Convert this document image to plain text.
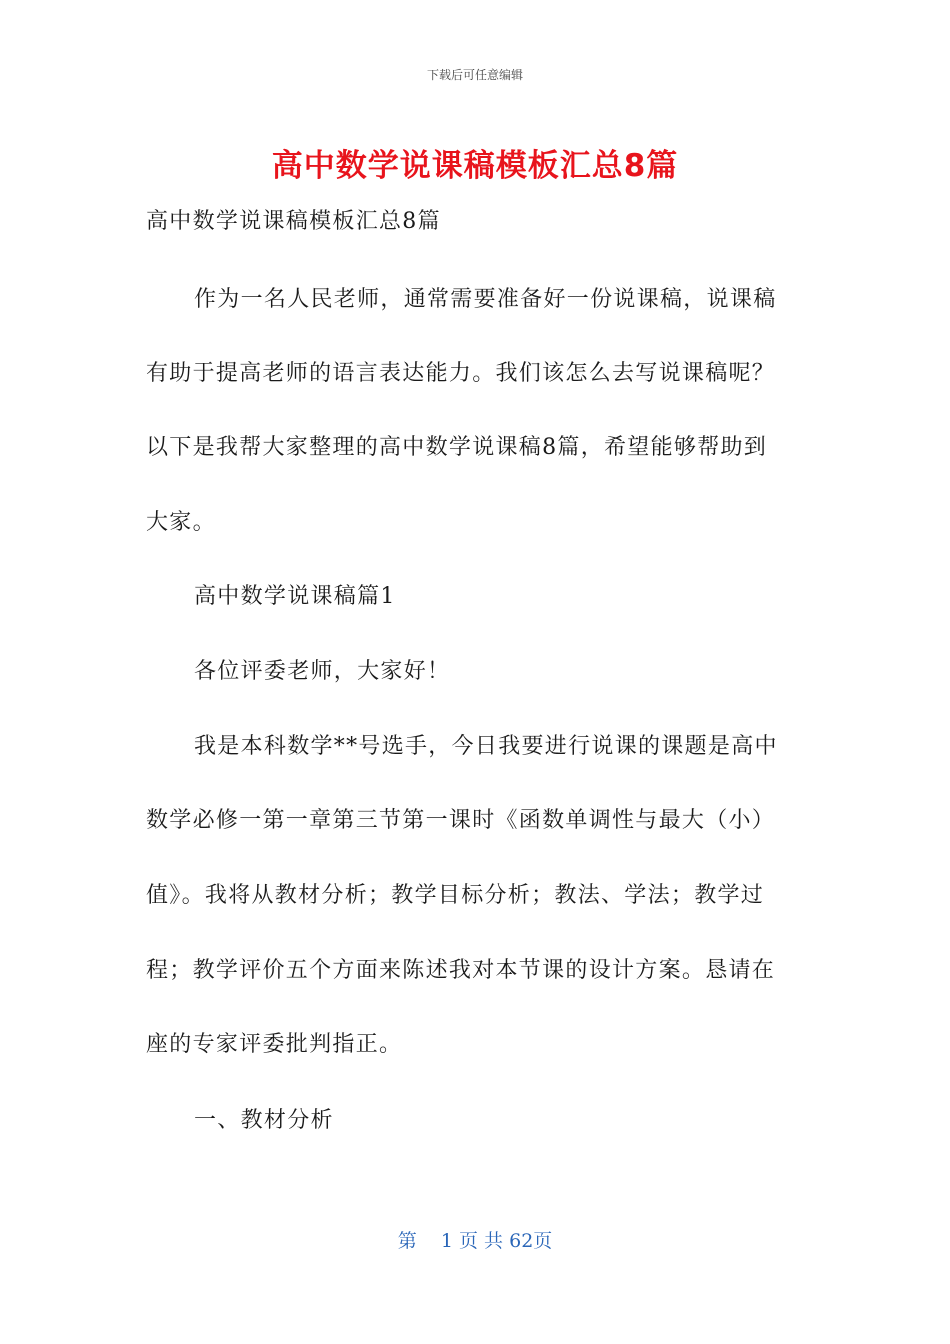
下载后可任意编辑
高中数学说课稿模板汇总8篇
高中数学说课稿模板汇总8篇
作为一名人民老师，通常需要准备好一份说课稿，说课稿
有助于提高老师的语言表达能力。我们该怎么去写说课稿呢？
以下是我帮大家整理的高中数学说课稿8篇，希望能够帮助到
大家。
高中数学说课稿篇1
各位评委老师，大家好！
我是本科数学**号选手，今日我要进行说课的课题是高中
数学必修一第一章第三节第一课时《函数单调性与最大（小）
值》。我将从教材分析；教学目标分析；教法、学法；教学过
程；教学评价五个方面来陈述我对本节课的设计方案。恳请在
座的专家评委批判指正。
一、教材分析
第 1 页 共 62页
